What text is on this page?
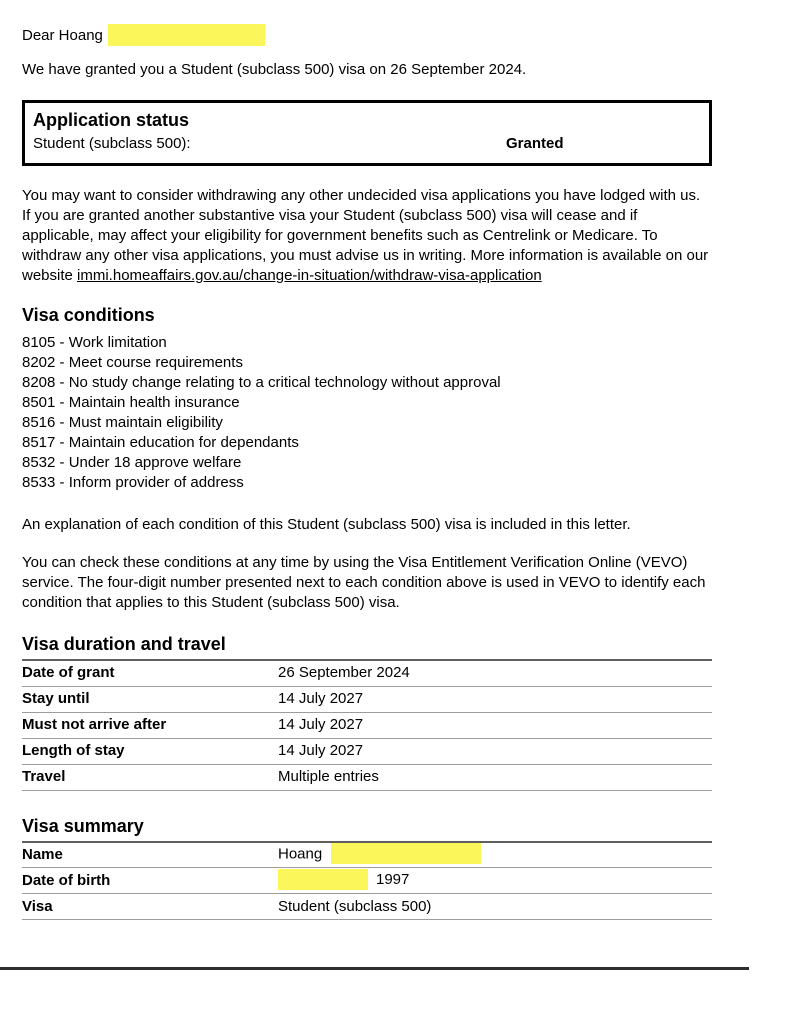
Dear Hoang

We have granted you a Student (subclass 500) visa on 26 September 2024.

Application status
Student (subclass 500):	Granted

You may want to consider withdrawing any other undecided visa applications you have lodged with us. If you are granted another substantive visa your Student (subclass 500) visa will cease and if applicable, may affect your eligibility for government benefits such as Centrelink or Medicare. To withdraw any other visa applications, you must advise us in writing. More information is available on our website immi.homeaffairs.gov.au/change-in-situation/withdraw-visa-application

Visa conditions
8105 - Work limitation
8202 - Meet course requirements
8208 - No study change relating to a critical technology without approval
8501 - Maintain health insurance
8516 - Must maintain eligibility
8517 - Maintain education for dependants
8532 - Under 18 approve welfare
8533 - Inform provider of address

An explanation of each condition of this Student (subclass 500) visa is included in this letter.

You can check these conditions at any time by using the Visa Entitlement Verification Online (VEVO) service. The four-digit number presented next to each condition above is used in VEVO to identify each condition that applies to this Student (subclass 500) visa.

Visa duration and travel
Date of grant	26 September 2024
Stay until	14 July 2027
Must not arrive after	14 July 2027
Length of stay	14 July 2027
Travel	Multiple entries
Visa summary
Name	Hoang
Date of birth	1997
Visa	Student (subclass 500)
